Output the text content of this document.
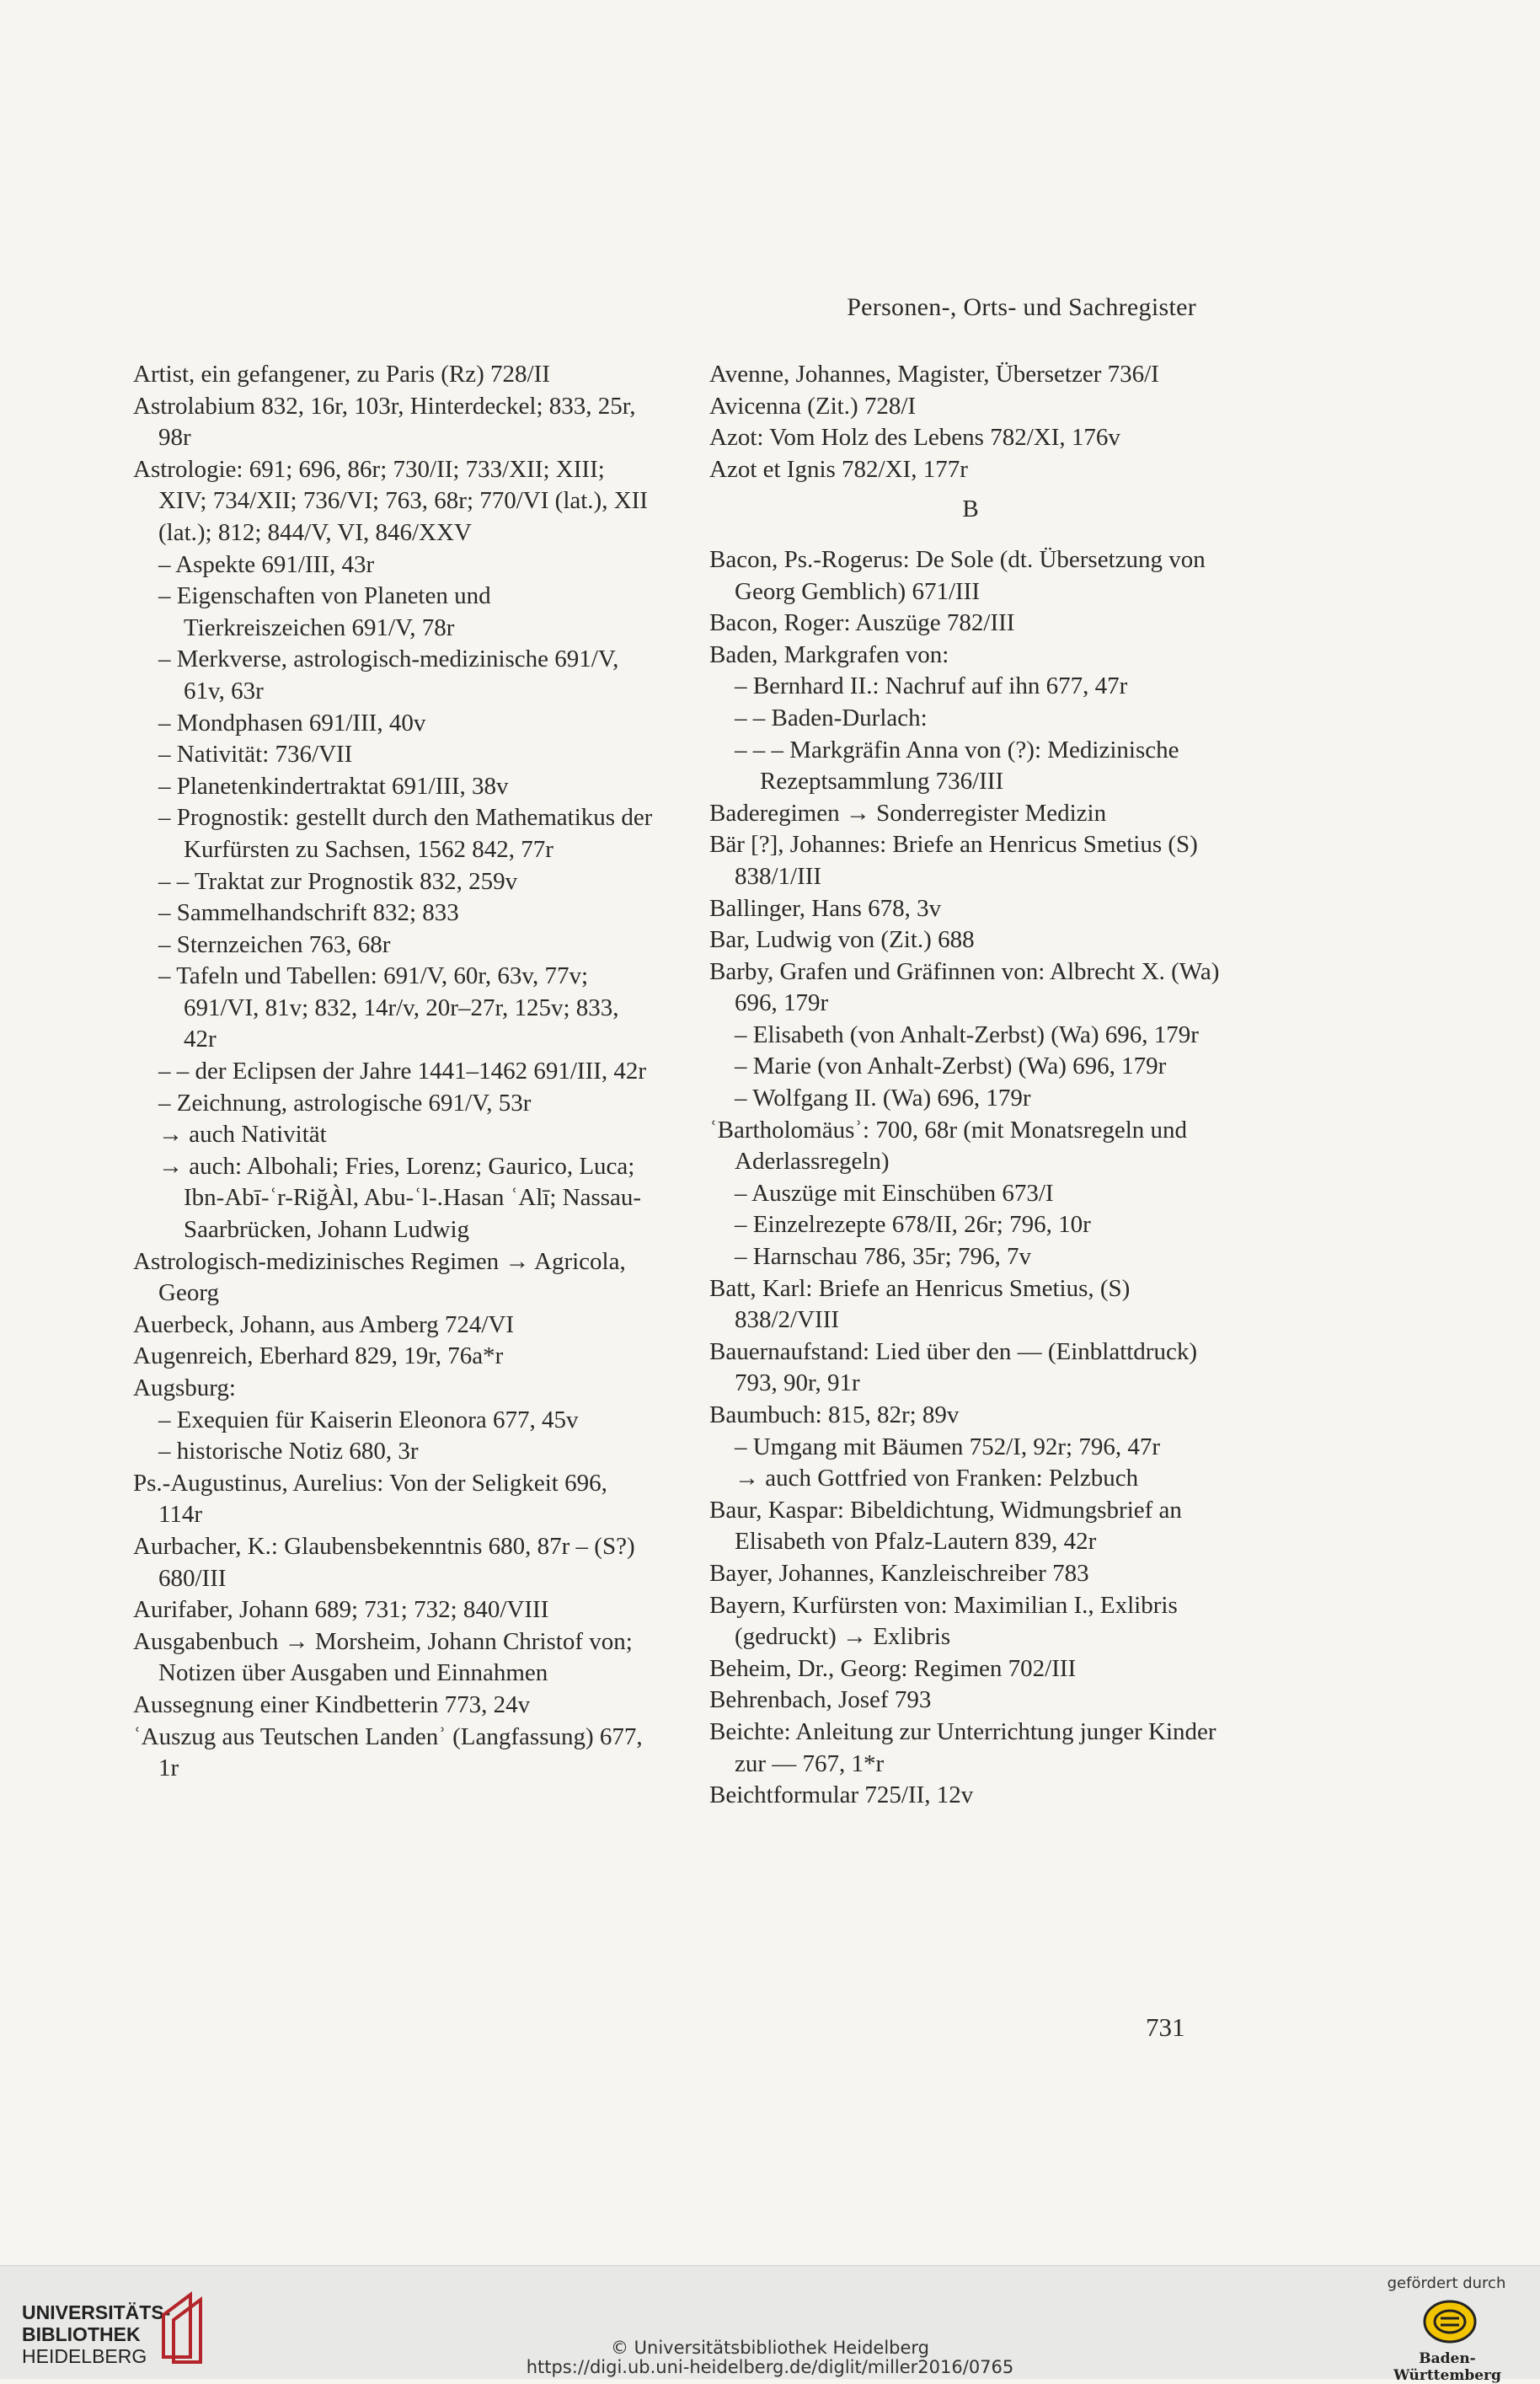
Personen-, Orts- und Sachregister

Artist, ein gefangener, zu Paris (Rz) 728/II

Astrolabium 832, 16r, 103r, Hinterdeckel; 833, 25r, 98r

Astrologie: 691; 696, 86r; 730/II; 733/XII; XIII; XIV; 734/XII; 736/VI; 763, 68r; 770/VI (lat.), XII (lat.); 812; 844/V, VI, 846/XXV

– Aspekte 691/III, 43r

– Eigenschaften von Planeten und Tierkreiszeichen 691/V, 78r

– Merkverse, astrologisch-medizinische 691/V, 61v, 63r

– Mondphasen 691/III, 40v

– Nativität: 736/VII

– Planetenkindertraktat 691/III, 38v

– Prognostik: gestellt durch den Mathematikus der Kurfürsten zu Sachsen, 1562 842, 77r

– – Traktat zur Prognostik 832, 259v

– Sammelhandschrift 832; 833

– Sternzeichen 763, 68r

– Tafeln und Tabellen: 691/V, 60r, 63v, 77v; 691/VI, 81v; 832, 14r/v, 20r–27r, 125v; 833, 42r

– – der Eclipsen der Jahre 1441–1462 691/III, 42r

– Zeichnung, astrologische 691/V, 53r

→ auch Nativität

→ auch: Albohali; Fries, Lorenz; Gaurico, Luca; Ibn-Abī-ʿr-RiğÀl, Abu-ʿl-.Hasan ʿAlī; Nassau-Saarbrücken, Johann Ludwig

Astrologisch-medizinisches Regimen → Agricola, Georg

Auerbeck, Johann, aus Amberg 724/VI

Augenreich, Eberhard 829, 19r, 76a*r

Augsburg:

– Exequien für Kaiserin Eleonora 677, 45v

– historische Notiz 680, 3r

Ps.-Augustinus, Aurelius: Von der Seligkeit 696, 114r

Aurbacher, K.: Glaubensbekenntnis 680, 87r – (S?) 680/III

Aurifaber, Johann 689; 731; 732; 840/VIII

Ausgabenbuch → Morsheim, Johann Christof von; Notizen über Ausgaben und Einnahmen

Aussegnung einer Kindbetterin 773, 24v

ʿAuszug aus Teutschen Landenʾ (Langfassung) 677, 1r

Avenne, Johannes, Magister, Übersetzer 736/I

Avicenna (Zit.) 728/I

Azot: Vom Holz des Lebens 782/XI, 176v

Azot et Ignis 782/XI, 177r

B

Bacon, Ps.-Rogerus: De Sole (dt. Übersetzung von Georg Gemblich) 671/III

Bacon, Roger: Auszüge 782/III

Baden, Markgrafen von:

– Bernhard II.: Nachruf auf ihn 677, 47r

– – Baden-Durlach:

– – – Markgräfin Anna von (?): Medizinische Rezeptsammlung 736/III

Baderegimen → Sonderregister Medizin

Bär [?], Johannes: Briefe an Henricus Smetius (S) 838/1/III

Ballinger, Hans 678, 3v

Bar, Ludwig von (Zit.) 688

Barby, Grafen und Gräfinnen von: Albrecht X. (Wa) 696, 179r

– Elisabeth (von Anhalt-Zerbst) (Wa) 696, 179r

– Marie (von Anhalt-Zerbst) (Wa) 696, 179r

– Wolfgang II. (Wa) 696, 179r

ʿBartholomäusʾ: 700, 68r (mit Monatsregeln und Aderlassregeln)

– Auszüge mit Einschüben 673/I

– Einzelrezepte 678/II, 26r; 796, 10r

– Harnschau 786, 35r; 796, 7v

Batt, Karl: Briefe an Henricus Smetius, (S) 838/2/VIII

Bauernaufstand: Lied über den — (Einblattdruck) 793, 90r, 91r

Baumbuch: 815, 82r; 89v

– Umgang mit Bäumen 752/I, 92r; 796, 47r

→ auch Gottfried von Franken: Pelzbuch

Baur, Kaspar: Bibeldichtung, Widmungsbrief an Elisabeth von Pfalz-Lautern 839, 42r

Bayer, Johannes, Kanzleischreiber 783

Bayern, Kurfürsten von: Maximilian I., Exlibris (gedruckt) → Exlibris

Beheim, Dr., Georg: Regimen 702/III

Behrenbach, Josef 793

Beichte: Anleitung zur Unterrichtung junger Kinder zur — 767, 1*r

Beichtformular 725/II, 12v

731
UNIVERSITÄTS-
BIBLIOTHEK
HEIDELBERG	© Universitätsbibliothek Heidelberg
https://digi.ub.uni-heidelberg.de/diglit/miller2016/0765
gefördert durch
Baden-Württemberg
